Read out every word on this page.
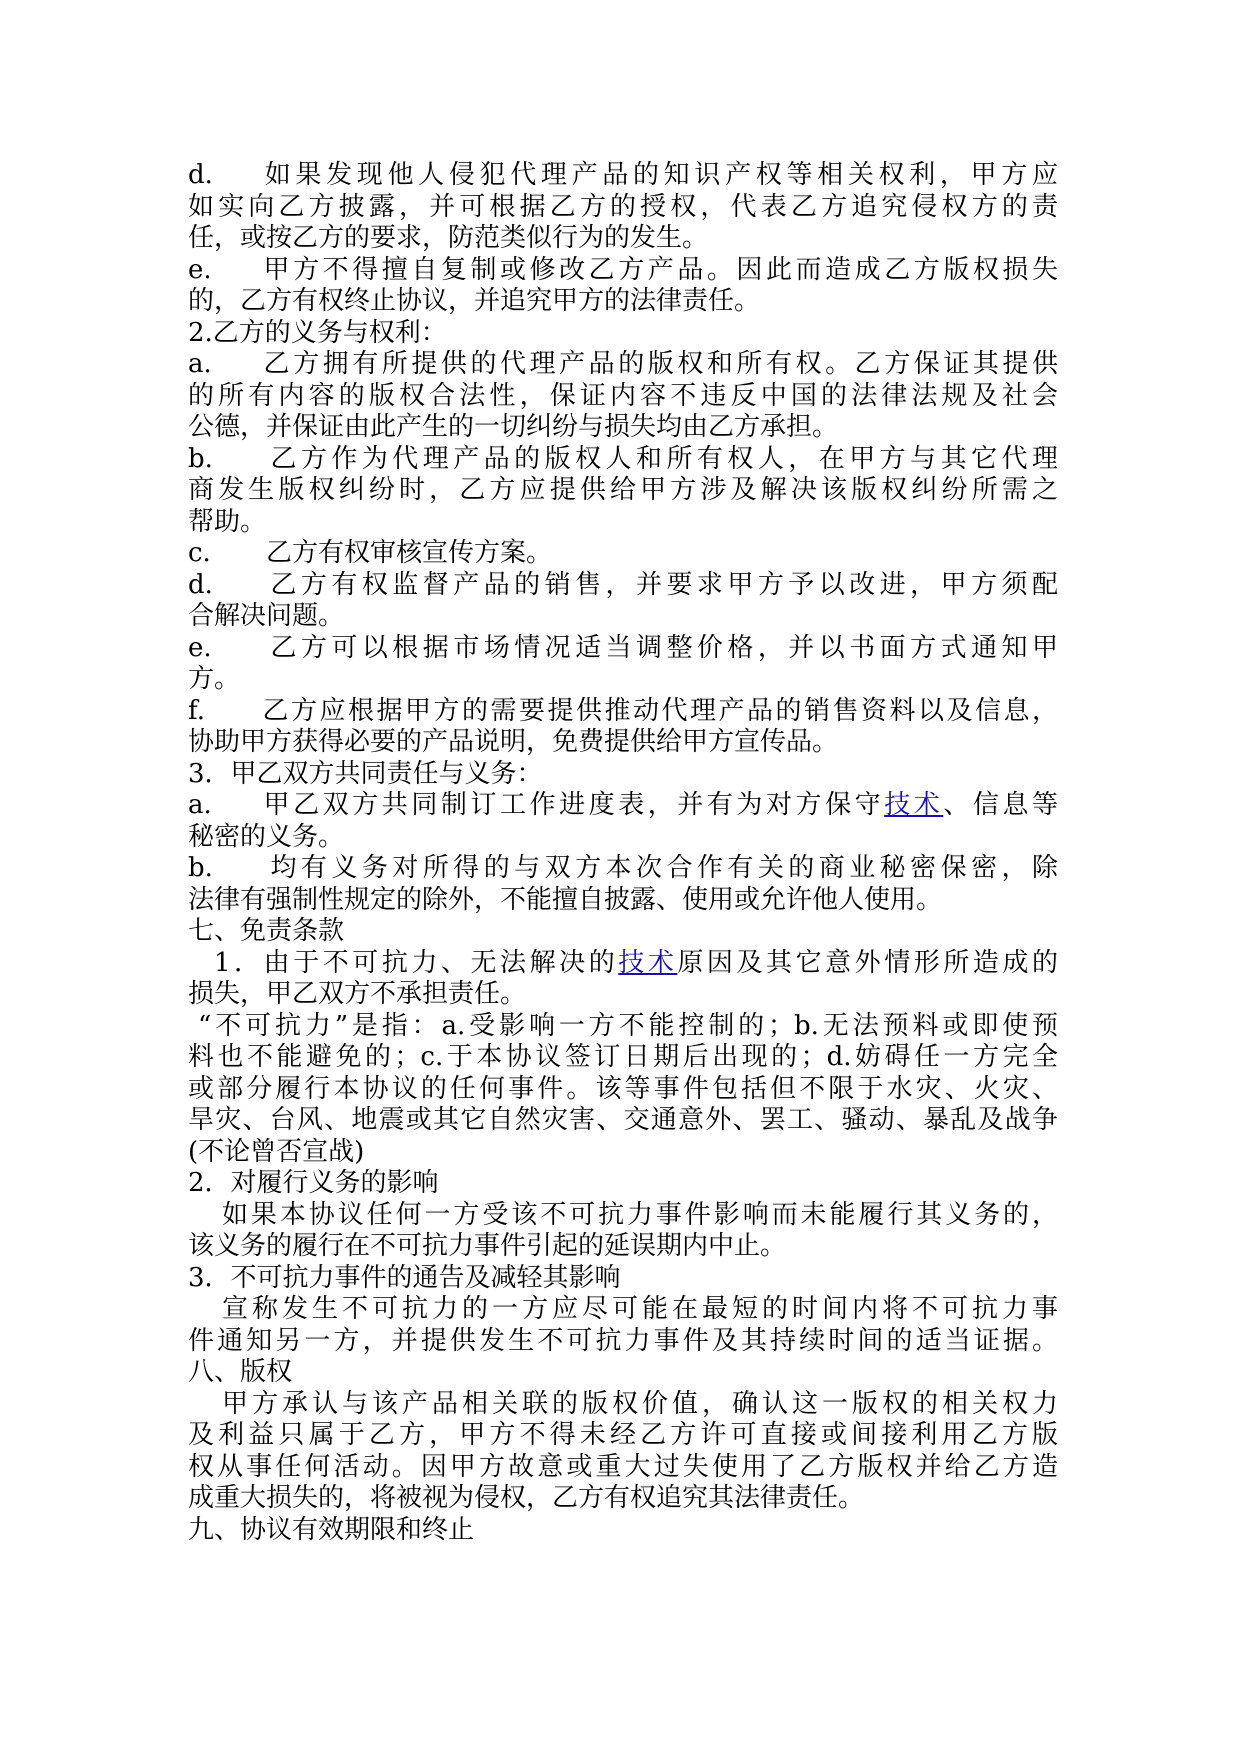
d. 如果发现他人侵犯代理产品的知识产权等相关权利，甲方应
如实向乙方披露，并可根据乙方的授权，代表乙方追究侵权方的责
任，或按乙方的要求，防范类似行为的发生。
e. 甲方不得擅自复制或修改乙方产品。因此而造成乙方版权损失
的，乙方有权终止协议，并追究甲方的法律责任。
2.乙方的义务与权利：
a. 乙方拥有所提供的代理产品的版权和所有权。乙方保证其提供
的所有内容的版权合法性，保证内容不违反中国的法律法规及社会
公德，并保证由此产生的一切纠纷与损失均由乙方承担。
b. 乙方作为代理产品的版权人和所有权人，在甲方与其它代理
商发生版权纠纷时，乙方应提供给甲方涉及解决该版权纠纷所需之
帮助。
c. 乙方有权审核宣传方案。
d. 乙方有权监督产品的销售，并要求甲方予以改进，甲方须配
合解决问题。
e. 乙方可以根据市场情况适当调整价格，并以书面方式通知甲
方。
f. 乙方应根据甲方的需要提供推动代理产品的销售资料以及信息，
协助甲方获得必要的产品说明，免费提供给甲方宣传品。
3．甲乙双方共同责任与义务：
a. 甲乙双方共同制订工作进度表，并有为对方保守技术、信息等
秘密的义务。
b. 均有义务对所得的与双方本次合作有关的商业秘密保密，除
法律有强制性规定的除外，不能擅自披露、使用或允许他人使用。
七、免责条款
1．由于不可抗力、无法解决的技术原因及其它意外情形所造成的
损失，甲乙双方不承担责任。
“不可抗力”是指：a.受影响一方不能控制的；b.无法预料或即使预
料也不能避免的；c.于本协议签订日期后出现的；d.妨碍任一方完全
或部分履行本协议的任何事件。该等事件包括但不限于水灾、火灾、
旱灾、台风、地震或其它自然灾害、交通意外、罢工、骚动、暴乱及战争
(不论曾否宣战)
2．对履行义务的影响
如果本协议任何一方受该不可抗力事件影响而未能履行其义务的，
该义务的履行在不可抗力事件引起的延误期内中止。
3．不可抗力事件的通告及减轻其影响
宣称发生不可抗力的一方应尽可能在最短的时间内将不可抗力事
件通知另一方，并提供发生不可抗力事件及其持续时间的适当证据。
八、版权
甲方承认与该产品相关联的版权价值，确认这一版权的相关权力
及利益只属于乙方，甲方不得未经乙方许可直接或间接利用乙方版
权从事任何活动。因甲方故意或重大过失使用了乙方版权并给乙方造
成重大损失的，将被视为侵权，乙方有权追究其法律责任。
九、协议有效期限和终止
